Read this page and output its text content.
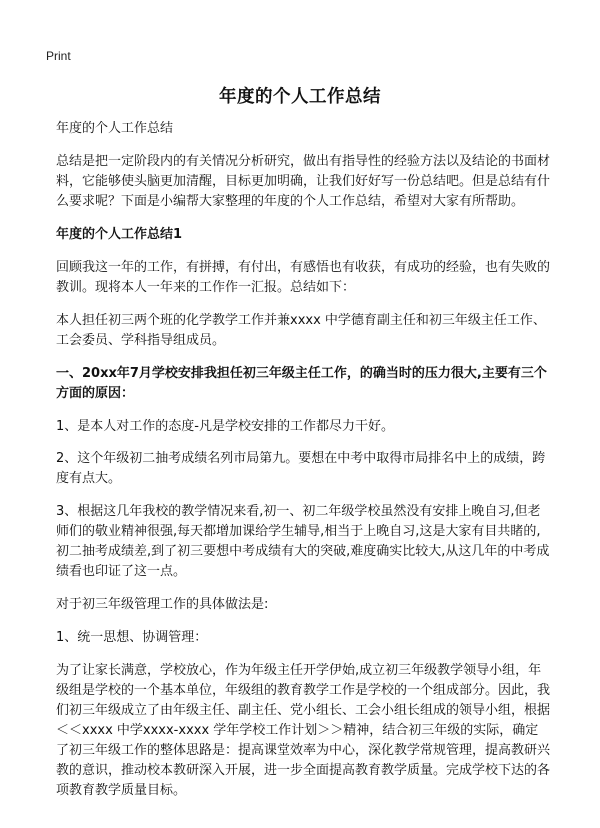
Print
年度的个人工作总结

年度的个人工作总结

总结是把一定阶段内的有关情况分析研究，做出有指导性的经验方法以及结论的书面材料，它能够使头脑更加清醒，目标更加明确，让我们好好写一份总结吧。但是总结有什么要求呢？下面是小编帮大家整理的年度的个人工作总结，希望对大家有所帮助。

年度的个人工作总结1

回顾我这一年的工作，有拼搏，有付出，有感悟也有收获，有成功的经验，也有失败的教训。现将本人一年来的工作作一汇报。总结如下：

本人担任初三两个班的化学教学工作并兼xxxx 中学德育副主任和初三年级主任工作、工会委员、学科指导组成员。

一、20xx年7月学校安排我担任初三年级主任工作，的确当时的压力很大,主要有三个方面的原因：

1、是本人对工作的态度-凡是学校安排的工作都尽力干好。

2、这个年级初二抽考成绩名列市局第九。要想在中考中取得市局排名中上的成绩，跨度有点大。

3、根据这几年我校的教学情况来看,初一、初二年级学校虽然没有安排上晚自习,但老师们的敬业精神很强,每天都增加课给学生辅导,相当于上晚自习,这是大家有目共睹的,初二抽考成绩差,到了初三要想中考成绩有大的突破,难度确实比较大,从这几年的中考成绩看也印证了这一点。

对于初三年级管理工作的具体做法是:

1、统一思想、协调管理：

为了让家长满意，学校放心，作为年级主任开学伊始,成立初三年级教学领导小组，年级组是学校的一个基本单位，年级组的教育教学工作是学校的一个组成部分。因此，我们初三年级成立了由年级主任、副主任、党小组长、工会小组长组成的领导小组，根据＜＜xxxx 中学xxxx-xxxx 学年学校工作计划＞＞精神，结合初三年级的实际，确定了初三年级工作的整体思路是：提高课堂效率为中心，深化教学常规管理，提高教研兴教的意识，推动校本教研深入开展，进一步全面提高教育教学质量。完成学校下达的各项教育教学质量目标。
